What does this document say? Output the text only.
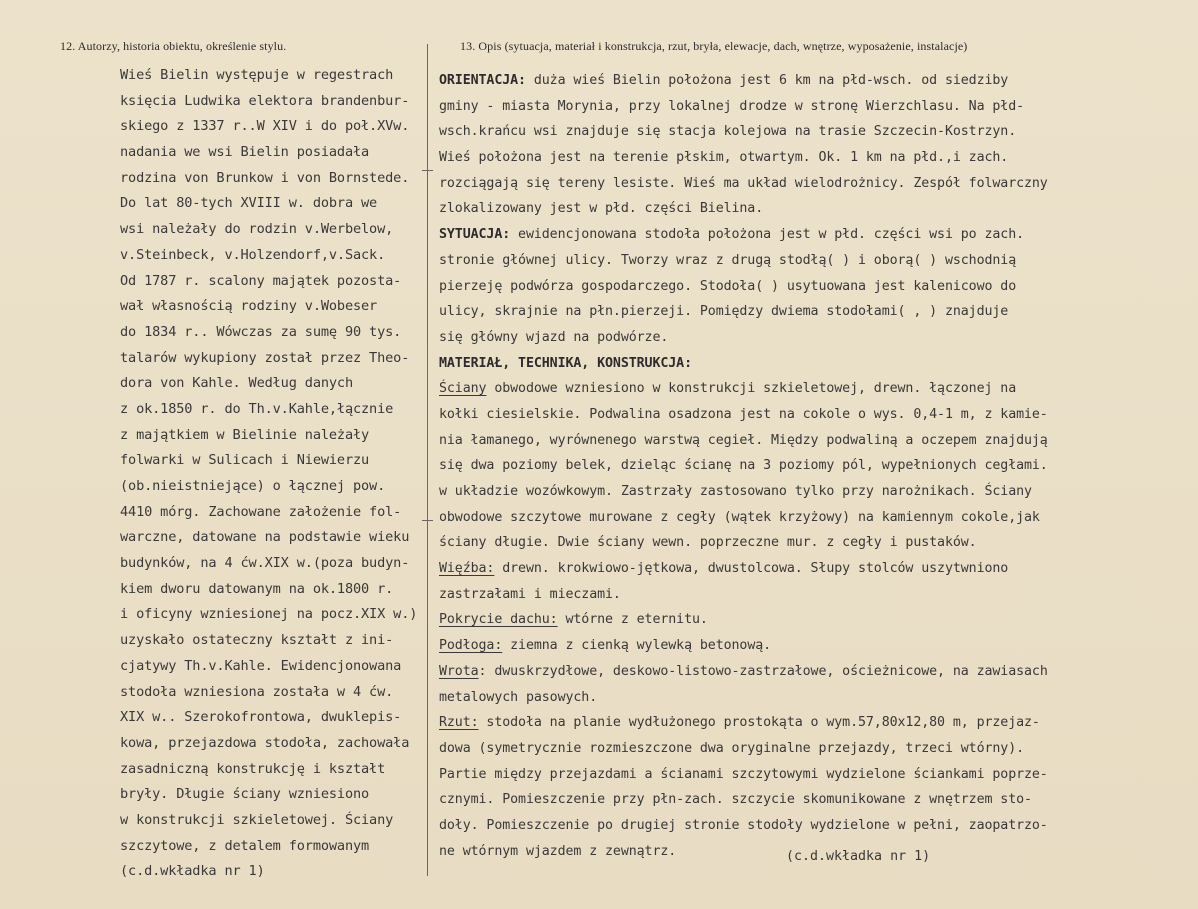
12. Autorzy, historia obiektu, określenie stylu.	13. Opis (sytuacja, materiał i konstrukcja, rzut, bryła, elewacje, dach, wnętrze, wyposażenie, instalacje)
Wieś Bielin występuje w regestrach
księcia Ludwika elektora brandenbur-
skiego z 1337 r..W XIV i do poł.XVw.
nadania we wsi Bielin posiadała
rodzina von Brunkow i von Bornstede.
Do lat 80-tych XVIII w. dobra we
wsi należały do rodzin v.Werbelow,
v.Steinbeck, v.Holzendorf,v.Sack.
Od 1787 r. scalony majątek pozosta-
wał własnością rodziny v.Wobeser
do 1834 r.. Wówczas za sumę 90 tys.
talarów wykupiony został przez Theo-
dora von Kahle. Według danych
z ok.1850 r. do Th.v.Kahle,łącznie
z majątkiem w Bielinie należały
folwarki w Sulicach i Niewierzu
(ob.nieistniejące) o łącznej pow.
4410 mórg. Zachowane założenie fol-
warczne, datowane na podstawie wieku
budynków, na 4 ćw.XIX w.(poza budyn-
kiem dworu datowanym na ok.1800 r.
i oficyny wzniesionej na pocz.XIX w.)
uzyskało ostateczny kształt z ini-
cjatywy Th.v.Kahle. Ewidencjonowana
stodoła wzniesiona została w 4 ćw.
XIX w.. Szerokofrontowa, dwuklepis-
kowa, przejazdowa stodoła, zachowała
zasadniczną konstrukcję i kształt
bryły. Długie ściany wzniesiono
w konstrukcji szkieletowej. Ściany
szczytowe, z detalem formowanym
(c.d.wkładka nr 1)
ORIENTACJA: duża wieś Bielin położona jest 6 km na płd-wsch. od siedziby
gminy - miasta Morynia, przy lokalnej drodze w stronę Wierzchlasu. Na płd-
wsch.krańcu wsi znajduje się stacja kolejowa na trasie Szczecin-Kostrzyn.
Wieś położona jest na terenie płskim, otwartym. Ok. 1 km na płd.,i zach.
rozciągają się tereny lesiste. Wieś ma układ wielodrożnicy. Zespół folwarczny
zlokalizowany jest w płd. części Bielina.
SYTUACJA: ewidencjonowana stodoła położona jest w płd. części wsi po zach.
stronie głównej ulicy. Tworzy wraz z drugą stodłą( ) i oborą( ) wschodnią
pierzeję podwórza gospodarczego. Stodoła( ) usytuowana jest kalenicowo do
ulicy, skrajnie na płn.pierzeji. Pomiędzy dwiema stodołami( , ) znajduje
się główny wjazd na podwórze.
MATERIAŁ, TECHNIKA, KONSTRUKCJA:
Ściany obwodowe wzniesiono w konstrukcji szkieletowej, drewn. łączonej na
kołki ciesielskie. Podwalina osadzona jest na cokole o wys. 0,4-1 m, z kamie-
nia łamanego, wyrównenego warstwą cegieł. Między podwaliną a oczepem znajdują
się dwa poziomy belek, dzieląc ścianę na 3 poziomy pól, wypełnionych cegłami.
w układzie wozówkowym. Zastrzały zastosowano tylko przy narożnikach. Ściany
obwodowe szczytowe murowane z cegły (wątek krzyżowy) na kamiennym cokole,jak
ściany długie. Dwie ściany wewn. poprzeczne mur. z cegły i pustaków.
Więźba: drewn. krokwiowo-jętkowa, dwustolcowa. Słupy stolców uszytwniono
zastrzałami i mieczami.
Pokrycie dachu: wtórne z eternitu.
Podłoga: ziemna z cienką wylewką betonową.
Wrota: dwuskrzydłowe, deskowo-listowo-zastrzałowe, ościeżnicowe, na zawiasach
metalowych pasowych.
Rzut: stodoła na planie wydłużonego prostokąta o wym.57,80x12,80 m, przejaz-
dowa (symetrycznie rozmieszczone dwa oryginalne przejazdy, trzeci wtórny).
Partie między przejazdami a ścianami szczytowymi wydzielone ściankami poprze-
cznymi. Pomieszczenie przy płn-zach. szczycie skomunikowane z wnętrzem sto-
doły. Pomieszczenie po drugiej stronie stodoły wydzielone w pełni, zaopatrzo-
ne wtórnym wjazdem z zewnątrz.	(c.d.wkładka nr 1)
